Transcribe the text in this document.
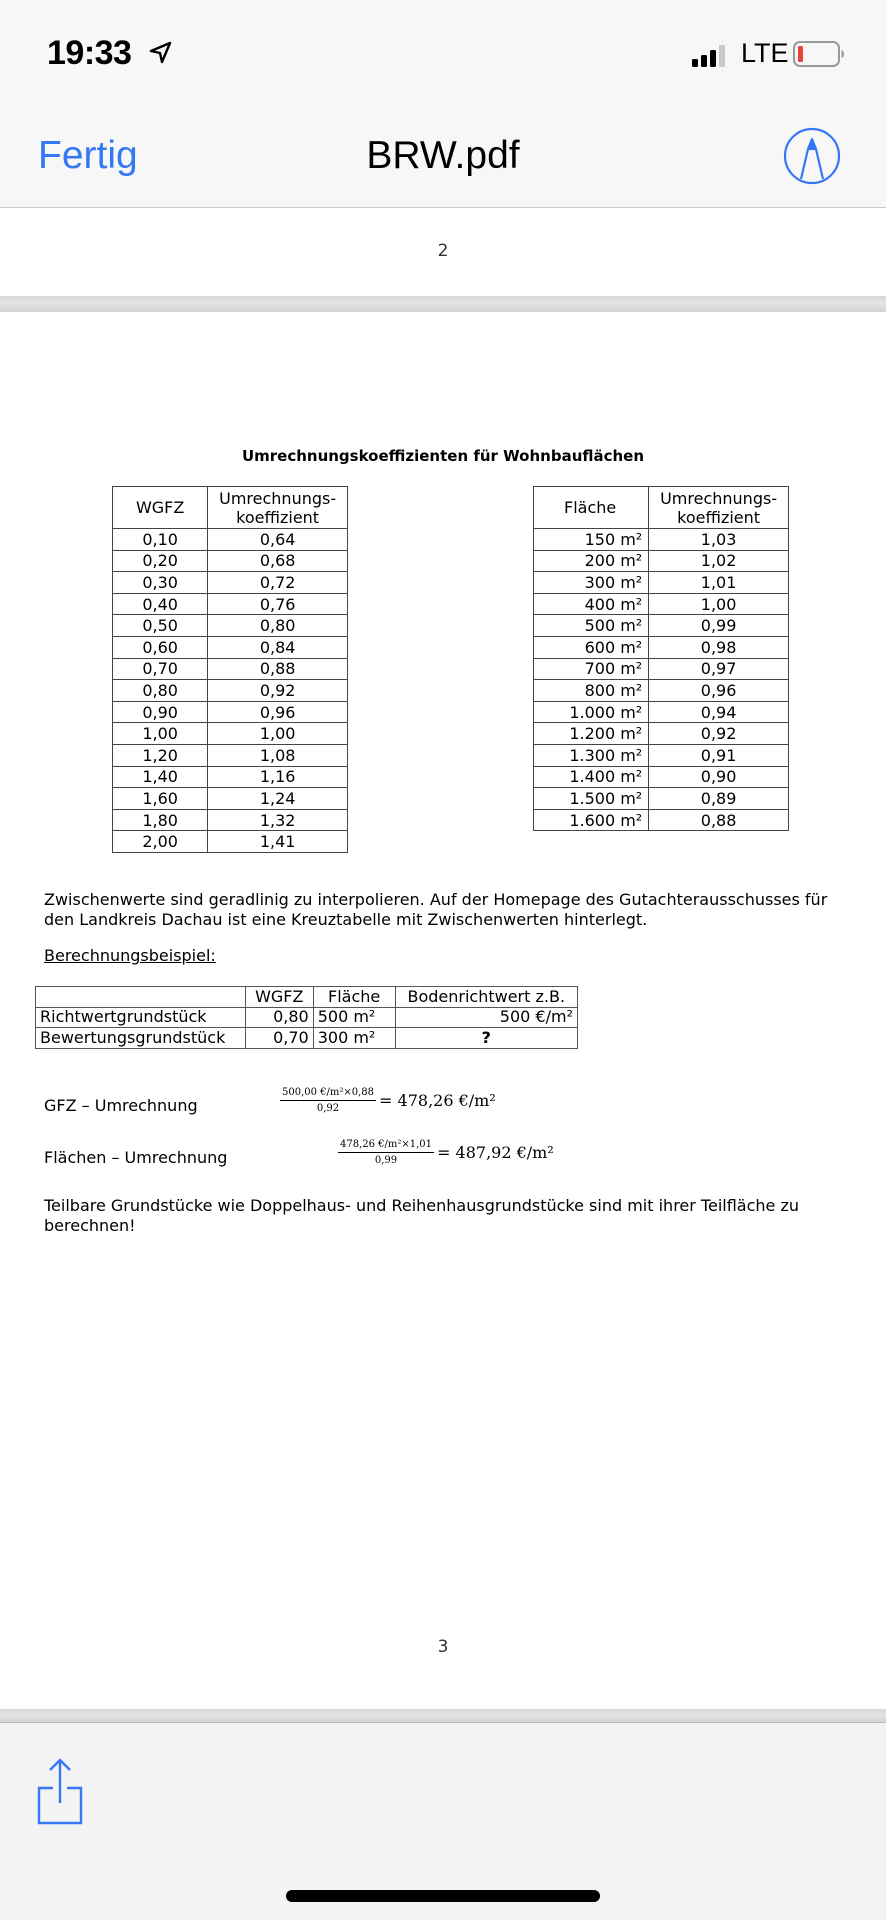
19:33	LTE
Fertig	BRW.pdf
2
Umrechnungskoeffizienten für Wohnbauflächen
WGFZ	Umrechnungs-
koeffizient
0,10	0,64
0,20	0,68
0,30	0,72
0,40	0,76
0,50	0,80
0,60	0,84
0,70	0,88
0,80	0,92
0,90	0,96
1,00	1,00
1,20	1,08
1,40	1,16
1,60	1,24
1,80	1,32
2,00	1,41
Fläche	Umrechnungs-
koeffizient
150 m²	1,03
200 m²	1,02
300 m²	1,01
400 m²	1,00
500 m²	0,99
600 m²	0,98
700 m²	0,97
800 m²	0,96
1.000 m²	0,94
1.200 m²	0,92
1.300 m²	0,91
1.400 m²	0,90
1.500 m²	0,89
1.600 m²	0,88
Zwischenwerte sind geradlinig zu interpolieren. Auf der Homepage des Gutachterausschusses für den Landkreis Dachau ist eine Kreuztabelle mit Zwischenwerten hinterlegt.
Berechnungsbeispiel:
	WGFZ	Fläche	Bodenrichtwert z.B.
Richtwertgrundstück	0,80	500 m²	500 €/m²
Bewertungsgrundstück	0,70	300 m²	?
GFZ – Umrechnung	$\frac{\text{500,00 €/m²×0,88}}{0,92} = 478,26$ €/m²
Flächen – Umrechnung	$\frac{\text{478,26 €/m²×1,01}}{0,99} = 487,92$ €/m²
Teilbare Grundstücke wie Doppelhaus- und Reihenhausgrundstücke sind mit ihrer Teilfläche zu berechnen!
3
